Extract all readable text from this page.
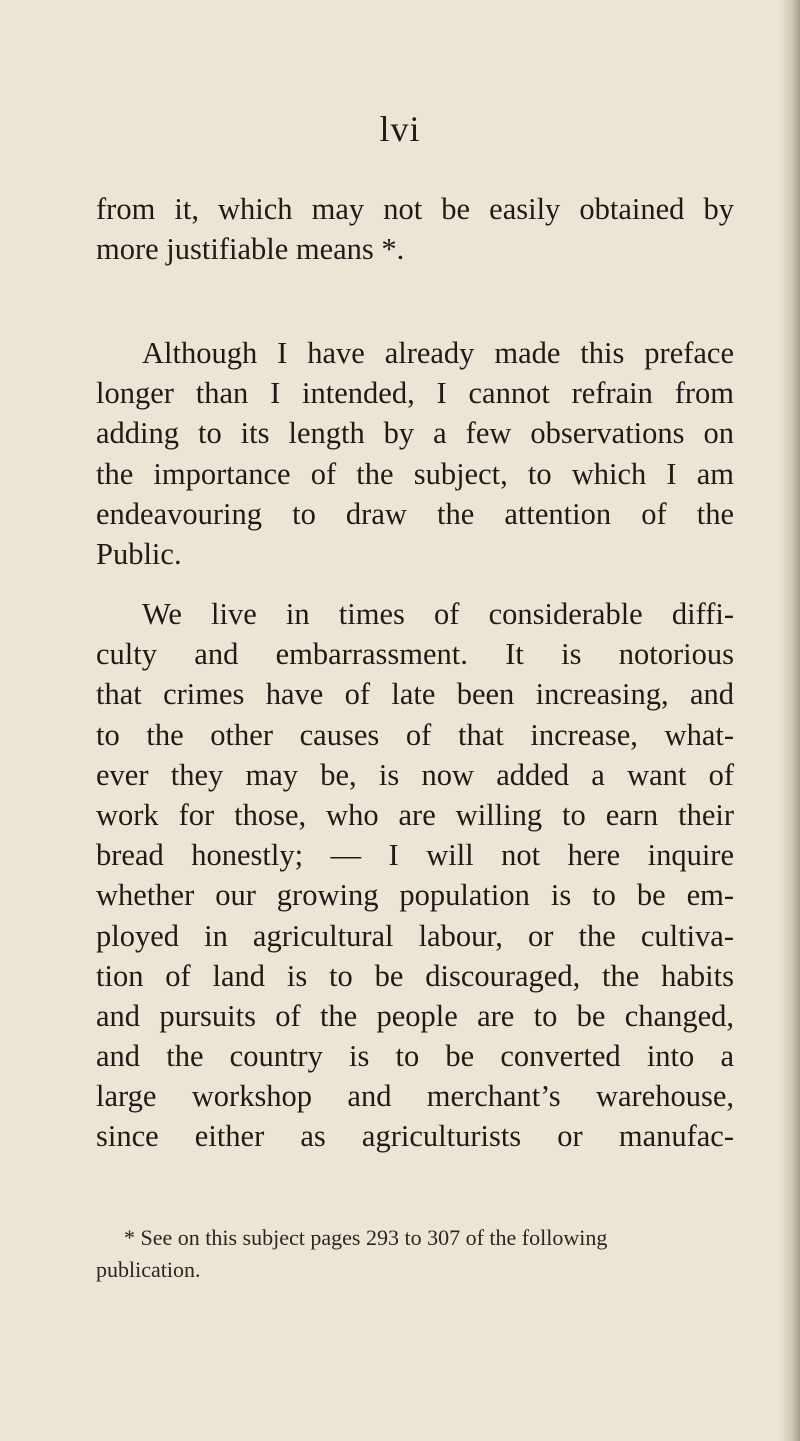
lvi
from it, which may not be easily obtained by
more justifiable means *.
Although I have already made this preface
longer than I intended, I cannot refrain from
adding to its length by a few observations on
the importance of the subject, to which I am
endeavouring to draw the attention of the
Public.
We live in times of considerable diffi-
culty and embarrassment. It is notorious
that crimes have of late been increasing, and
to the other causes of that increase, what-
ever they may be, is now added a want of
work for those, who are willing to earn their
bread honestly; — I will not here inquire
whether our growing population is to be em-
ployed in agricultural labour, or the cultiva-
tion of land is to be discouraged, the habits
and pursuits of the people are to be changed,
and the country is to be converted into a
large workshop and merchant’s warehouse,
since either as agriculturists or manufac-
* See on this subject pages 293 to 307 of the following
publication.
